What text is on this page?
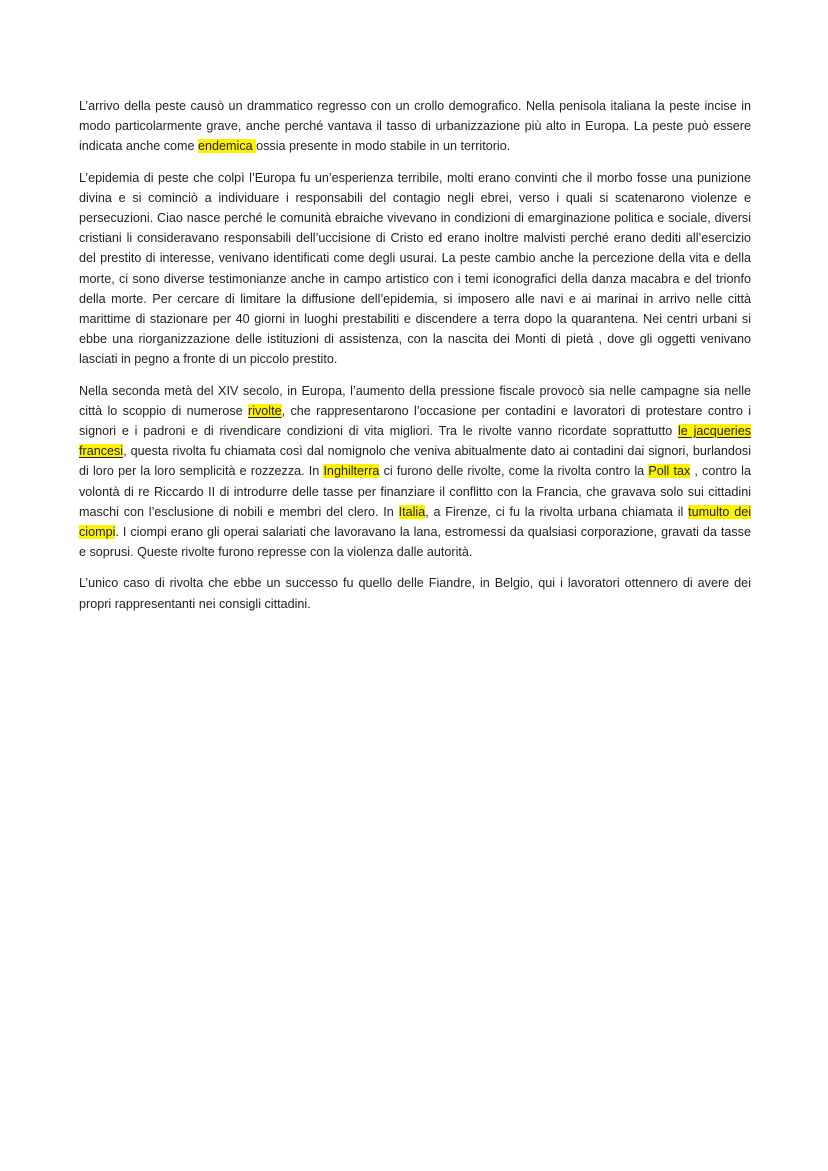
L’arrivo della peste causò un drammatico regresso con un crollo demografico. Nella penisola italiana la peste incise in modo particolarmente grave, anche perché vantava il tasso di urbanizzazione più alto in Europa. La peste può essere indicata anche come endemica ossia presente in modo stabile in un territorio.

L’epidemia di peste che colpì l’Europa fu un’esperienza terribile, molti erano convinti che il morbo fosse una punizione divina e si cominciò a individuare i responsabili del contagio negli ebrei, verso i quali si scatenarono violenze e persecuzioni. Ciao nasce perché le comunità ebraiche vivevano in condizioni di emarginazione politica e sociale, diversi cristiani li consideravano responsabili dell’uccisione di Cristo ed erano inoltre malvisti perché erano dediti all’esercizio del prestito di interesse, venivano identificati come degli usurai. La peste cambio anche la percezione della vita e della morte, ci sono diverse testimonianze anche in campo artistico con i temi iconografici della danza macabra e del trionfo della morte. Per cercare di limitare la diffusione dell’epidemia, si imposero alle navi e ai marinai in arrivo nelle città marittime di stazionare per 40 giorni in luoghi prestabiliti e discendere a terra dopo la quarantena. Nei centri urbani si ebbe una riorganizzazione delle istituzioni di assistenza, con la nascita dei Monti di pietà , dove gli oggetti venivano lasciati in pegno a fronte di un piccolo prestito.

Nella seconda metà del XIV secolo, in Europa, l’aumento della pressione fiscale provocò sia nelle campagne sia nelle città lo scoppio di numerose rivolte, che rappresentarono l’occasione per contadini e lavoratori di protestare contro i signori e i padroni e di rivendicare condizioni di vita migliori. Tra le rivolte vanno ricordate soprattutto le jacqueries francesi, questa rivolta fu chiamata così dal nomignolo che veniva abitualmente dato ai contadini dai signori, burlandosi di loro per la loro semplicità e rozzezza. In Inghilterra ci furono delle rivolte, come la rivolta contro la Poll tax , contro la volontà di re Riccardo II di introdurre delle tasse per finanziare il conflitto con la Francia, che gravava solo sui cittadini maschi con l’esclusione di nobili e membri del clero. In Italia, a Firenze, ci fu la rivolta urbana chiamata il tumulto dei ciompi. I ciompi erano gli operai salariati che lavoravano la lana, estromessi da qualsiasi corporazione, gravati da tasse e soprusi. Queste rivolte furono represse con la violenza dalle autorità.

L’unico caso di rivolta che ebbe un successo fu quello delle Fiandre, in Belgio, qui i lavoratori ottennero di avere dei propri rappresentanti nei consigli cittadini.
